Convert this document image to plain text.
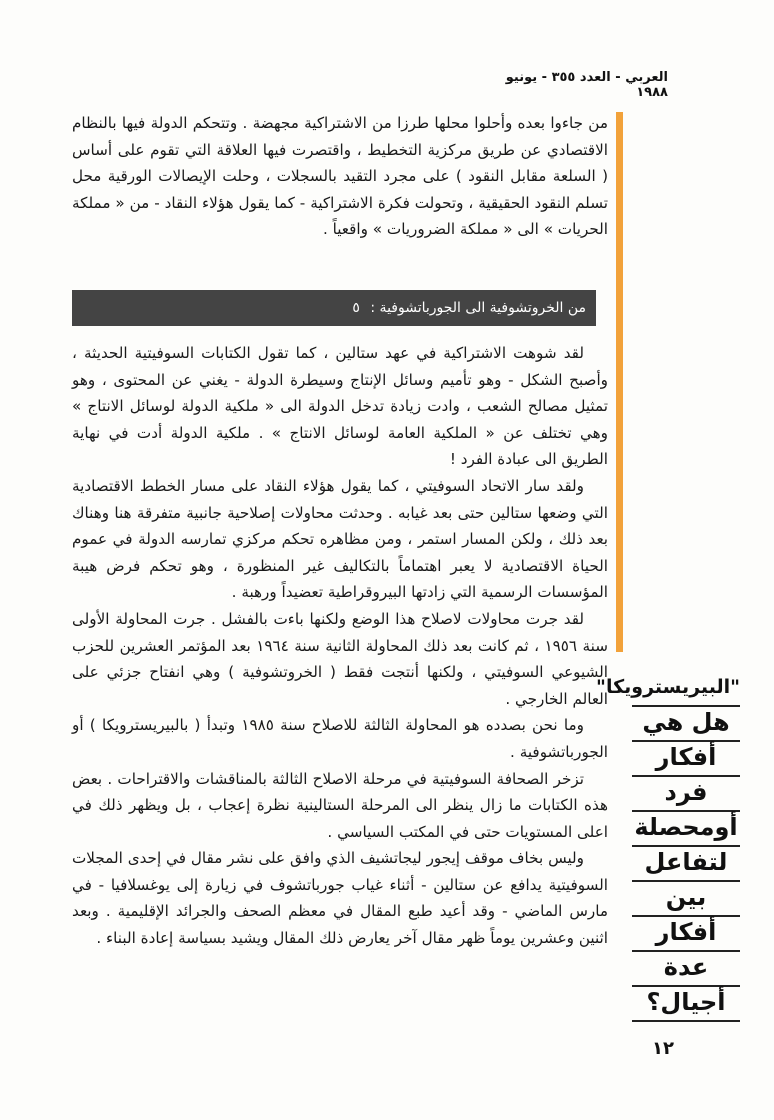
العربي - العدد ٣٥٥ - يونيو ١٩٨٨

من جاءوا بعده وأحلوا محلها طرزا من الاشتراكية مجهضة . وتتحكم الدولة فيها بالنظام الاقتصادي عن طريق مركزية التخطيط ، واقتصرت فيها العلاقة التي تقوم على أساس ( السلعة مقابل النقود ) على مجرد التقيد بالسجلات ، وحلت الإيصالات الورقية محل تسلم النقود الحقيقية ، وتحولت فكرة الاشتراكية - كما يقول هؤلاء النقاد - من « مملكة الحريات » الى « مملكة الضروريات » واقعياً .

من الخروتشوفية الى الجورباتشوفية : ٥

لقد شوهت الاشتراكية في عهد ستالين ، كما تقول الكتابات السوفيتية الحديثة ، وأصبح الشكل - وهو تأميم وسائل الإنتاج وسيطرة الدولة - يغني عن المحتوى ، وهو تمثيل مصالح الشعب ، وادت زيادة تدخل الدولة الى « ملكية الدولة لوسائل الانتاج » وهي تختلف عن « الملكية العامة لوسائل الانتاج » . ملكية الدولة أدت في نهاية الطريق الى عبادة الفرد !

ولقد سار الاتحاد السوفيتي ، كما يقول هؤلاء النقاد على مسار الخطط الاقتصادية التي وضعها ستالين حتى بعد غيابه . وحدثت محاولات إصلاحية جانبية متفرقة هنا وهناك بعد ذلك ، ولكن المسار استمر ، ومن مظاهره تحكم مركزي تمارسه الدولة في عموم الحياة الاقتصادية لا يعبر اهتماماً بالتكاليف غير المنظورة ، وهو تحكم فرض هيبة المؤسسات الرسمية التي زادتها البيروقراطية تعضيداً ورهبة .

لقد جرت محاولات لاصلاح هذا الوضع ولكنها باءت بالفشل . جرت المحاولة الأولى سنة ١٩٥٦ ، ثم كانت بعد ذلك المحاولة الثانية سنة ١٩٦٤ بعد المؤتمر العشرين للحزب الشيوعي السوفيتي ، ولكنها أنتجت فقط ( الخروتشوفية ) وهي انفتاح جزئي على العالم الخارجي .

وما نحن بصدده هو المحاولة الثالثة للاصلاح سنة ١٩٨٥ وتبدأ ( بالبيريسترويكا ) أو الجورباتشوفية .

تزخر الصحافة السوفيتية في مرحلة الاصلاح الثالثة بالمناقشات والاقتراحات . بعض هذه الكتابات ما زال ينظر الى المرحلة الستالينية نظرة إعجاب ، بل ويظهر ذلك في اعلى المستويات حتى في المكتب السياسي .

وليس بخاف موقف إيجور ليجاتشيف الذي وافق على نشر مقال في إحدى المجلات السوفيتية يدافع عن ستالين - أثناء غياب جورباتشوف في زيارة إلى يوغسلافيا - في مارس الماضي - وقد أعيد طبع المقال في معظم الصحف والجرائد الإقليمية . وبعد اثنين وعشرين يوماً ظهر مقال آخر يعارض ذلك المقال ويشيد بسياسة إعادة البناء .

"البيريسترويكا"
هل هي
أفكار
فرد
أومحصلة
لتفاعل
بين
أفكار
عدة
أجيال؟
١٢
